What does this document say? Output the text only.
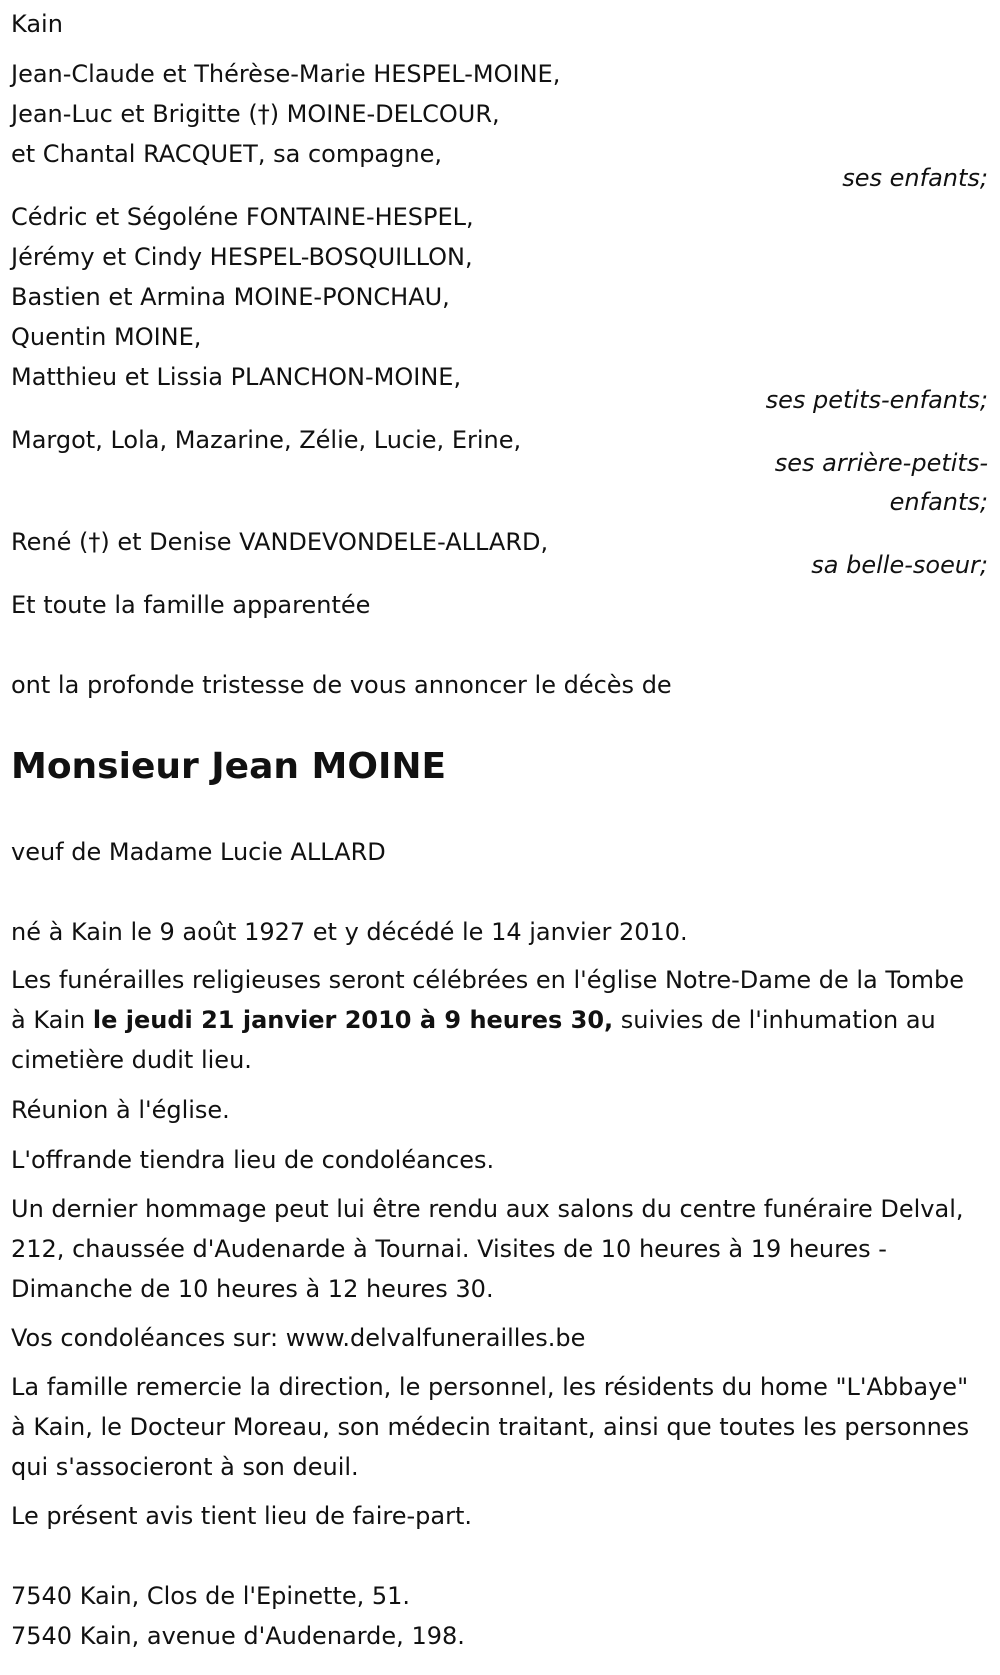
Kain
Jean-Claude et Thérèse-Marie HESPEL-MOINE,
Jean-Luc et Brigitte (†) MOINE-DELCOUR,
et Chantal RACQUET, sa compagne,
ses enfants;
Cédric et Ségoléne FONTAINE-HESPEL,
Jérémy et Cindy HESPEL-BOSQUILLON,
Bastien et Armina MOINE-PONCHAU,
Quentin MOINE,
Matthieu et Lissia PLANCHON-MOINE,
ses petits-enfants;
Margot, Lola, Mazarine, Zélie, Lucie, Erine,
ses arrière-petits-
enfants;
René (†) et Denise VANDEVONDELE-ALLARD,
sa belle-soeur;
Et toute la famille apparentée
ont la profonde tristesse de vous annoncer le décès de
Monsieur Jean MOINE
veuf de Madame Lucie ALLARD
né à Kain le 9 août 1927 et y décédé le 14 janvier 2010.
Les funérailles religieuses seront célébrées en l'église Notre-Dame de la Tombe à Kain le jeudi 21 janvier 2010 à 9 heures 30, suivies de l'inhumation au cimetière dudit lieu.
Réunion à l'église.
L'offrande tiendra lieu de condoléances.
Un dernier hommage peut lui être rendu aux salons du centre funéraire Delval, 212, chaussée d'Audenarde à Tournai. Visites de 10 heures à 19 heures - Dimanche de 10 heures à 12 heures 30.
Vos condoléances sur: www.delvalfunerailles.be
La famille remercie la direction, le personnel, les résidents du home "L'Abbaye" à Kain, le Docteur Moreau, son médecin traitant, ainsi que toutes les personnes qui s'associeront à son deuil.
Le présent avis tient lieu de faire-part.
7540 Kain, Clos de l'Epinette, 51.
7540 Kain, avenue d'Audenarde, 198.
